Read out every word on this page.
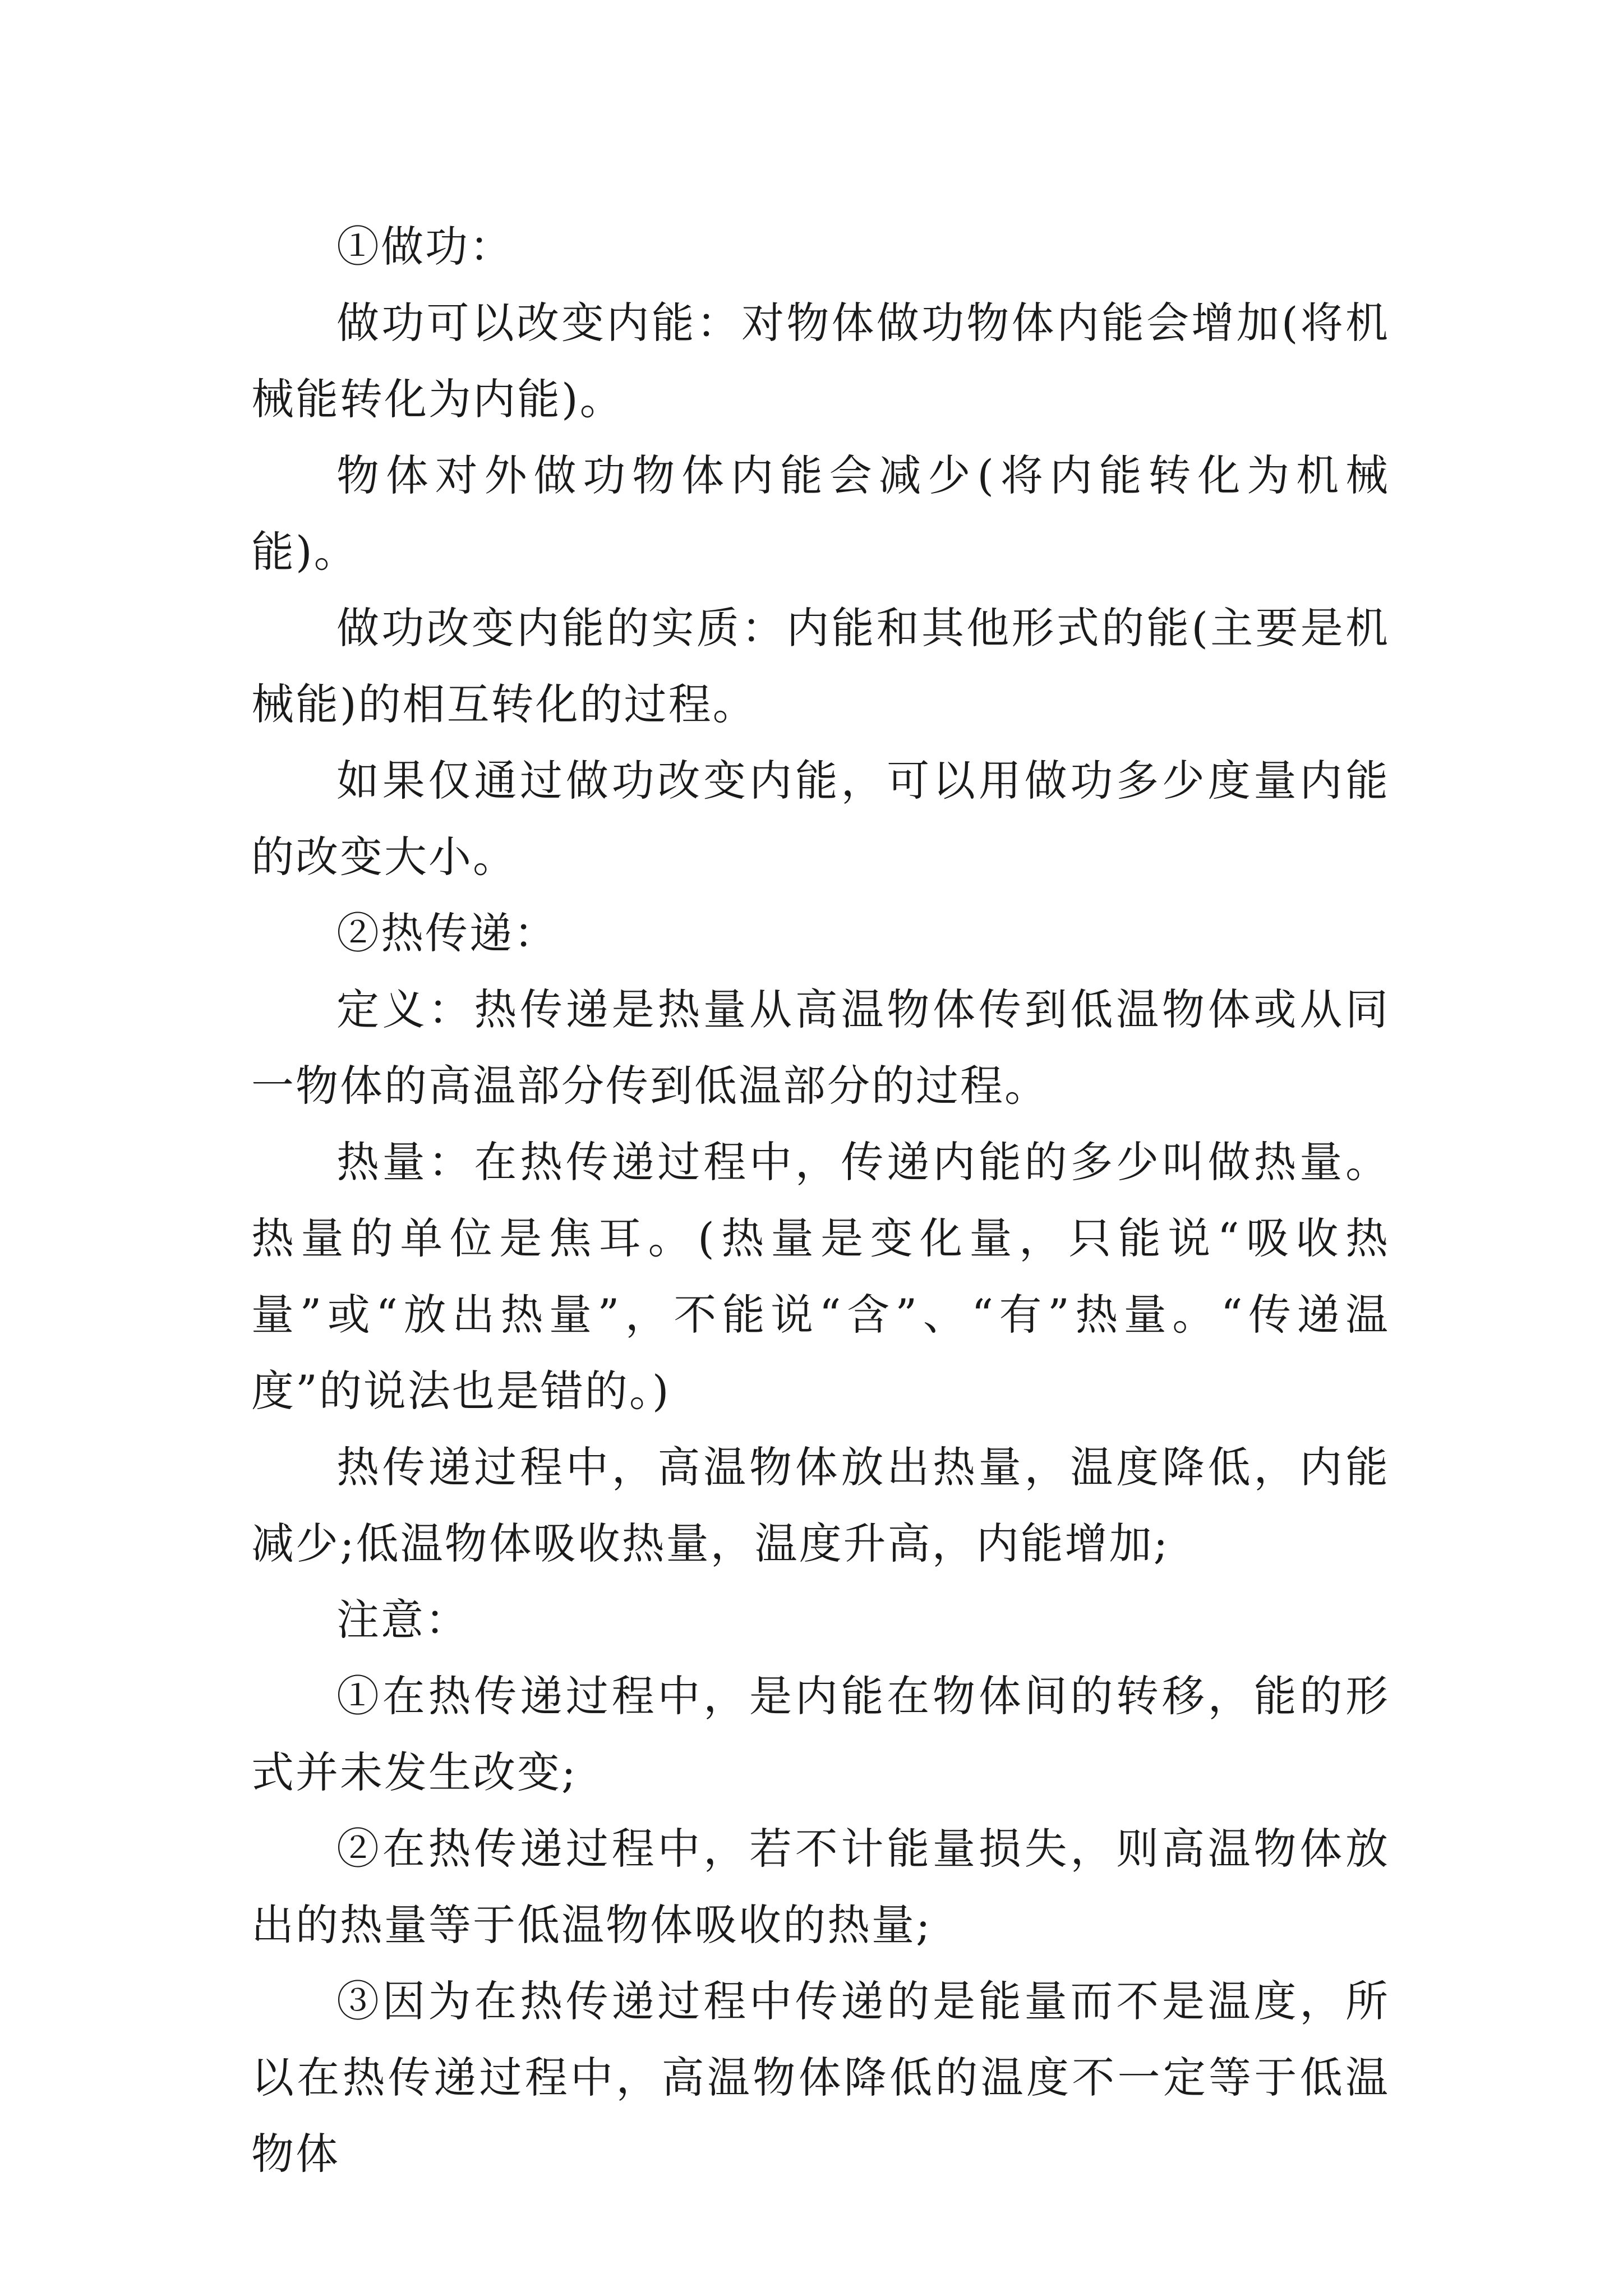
①做功：

做功可以改变内能：对物体做功物体内能会增加(将机械能转化为内能)。

物体对外做功物体内能会减少(将内能转化为机械能)。

做功改变内能的实质：内能和其他形式的能(主要是机械能)的相互转化的过程。

如果仅通过做功改变内能，可以用做功多少度量内能的改变大小。

②热传递：

定义：热传递是热量从高温物体传到低温物体或从同一物体的高温部分传到低温部分的过程。

热量：在热传递过程中，传递内能的多少叫做热量。热量的单位是焦耳。(热量是变化量，只能说“吸收热量”或“放出热量”，不能说“含”、“有”热量。“传递温度”的说法也是错的。)

热传递过程中，高温物体放出热量，温度降低，内能减少;低温物体吸收热量，温度升高，内能增加;

注意：

①在热传递过程中，是内能在物体间的转移，能的形式并未发生改变;

②在热传递过程中，若不计能量损失，则高温物体放出的热量等于低温物体吸收的热量;

③因为在热传递过程中传递的是能量而不是温度，所以在热传递过程中，高温物体降低的温度不一定等于低温物体
